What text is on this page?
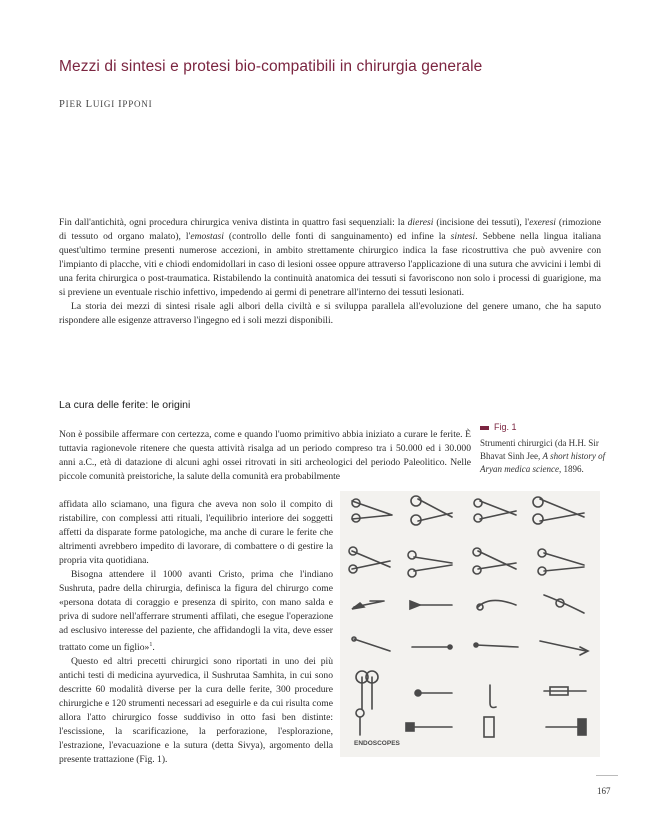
Mezzi di sintesi e protesi bio-compatibili in chirurgia generale
PIER LUIGI IPPONI

Fin dall'antichità, ogni procedura chirurgica veniva distinta in quattro fasi sequenziali: la dieresi (incisione dei tessuti), l'exeresi (rimozione di tessuto od organo malato), l'emostasi (controllo delle fonti di sanguinamento) ed infine la sintesi. Sebbene nella lingua italiana quest'ultimo termine presenti numerose accezioni, in ambito strettamente chirurgico indica la fase ricostruttiva che può avvenire con l'impianto di placche, viti e chiodi endomidollari in caso di lesioni ossee oppure attraverso l'applicazione di una sutura che avvicini i lembi di una ferita chirurgica o post-traumatica. Ristabilendo la continuità anatomica dei tessuti si favoriscono non solo i processi di guarigione, ma si previene un eventuale rischio infettivo, impedendo ai germi di penetrare all'interno dei tessuti lesionati.

La storia dei mezzi di sintesi risale agli albori della civiltà e si sviluppa parallela all'evoluzione del genere umano, che ha saputo rispondere alle esigenze attraverso l'ingegno ed i soli mezzi disponibili.

La cura delle ferite: le origini

Non è possibile affermare con certezza, come e quando l'uomo primitivo abbia iniziato a curare le ferite. È tuttavia ragionevole ritenere che questa attività risalga ad un periodo compreso tra i 50.000 ed i 30.000 anni a.C., età di datazione di alcuni aghi ossei ritrovati in siti archeologici del periodo Paleolitico. Nelle piccole comunità preistoriche, la salute della comunità era probabilmente

affidata allo sciamano, una figura che aveva non solo il compito di ristabilire, con complessi atti rituali, l'equilibrio interiore dei soggetti affetti da disparate forme patologiche, ma anche di curare le ferite che altrimenti avrebbero impedito di lavorare, di combattere o di gestire la propria vita quotidiana.

Bisogna attendere il 1000 avanti Cristo, prima che l'indiano Sushruta, padre della chirurgia, definisca la figura del chirurgo come «persona dotata di coraggio e presenza di spirito, con mano salda e priva di sudore nell'afferrare strumenti affilati, che esegue l'operazione ad esclusivo interesse del paziente, che affidandogli la vita, deve esser trattato come un figlio»$^1$.

Questo ed altri precetti chirurgici sono riportati in uno dei più antichi testi di medicina ayurvedica, il Sushrutaa Samhita, in cui sono descritte 60 modalità diverse per la cura delle ferite, 300 procedure chirurgiche e 120 strumenti necessari ad eseguirle e da cui risulta come allora l'atto chirurgico fosse suddiviso in otto fasi ben distinte: l'escissione, la scarificazione, la perforazione, l'esplorazione, l'estrazione, l'evacuazione e la sutura (detta Sivya), argomento della presente trattazione (Fig. 1).

Fig. 1
Strumenti chirurgici (da H.H. Sir Bhavat Sinh Jee, A short history of Aryan medica science, 1896.
ENDOSCOPES
167
